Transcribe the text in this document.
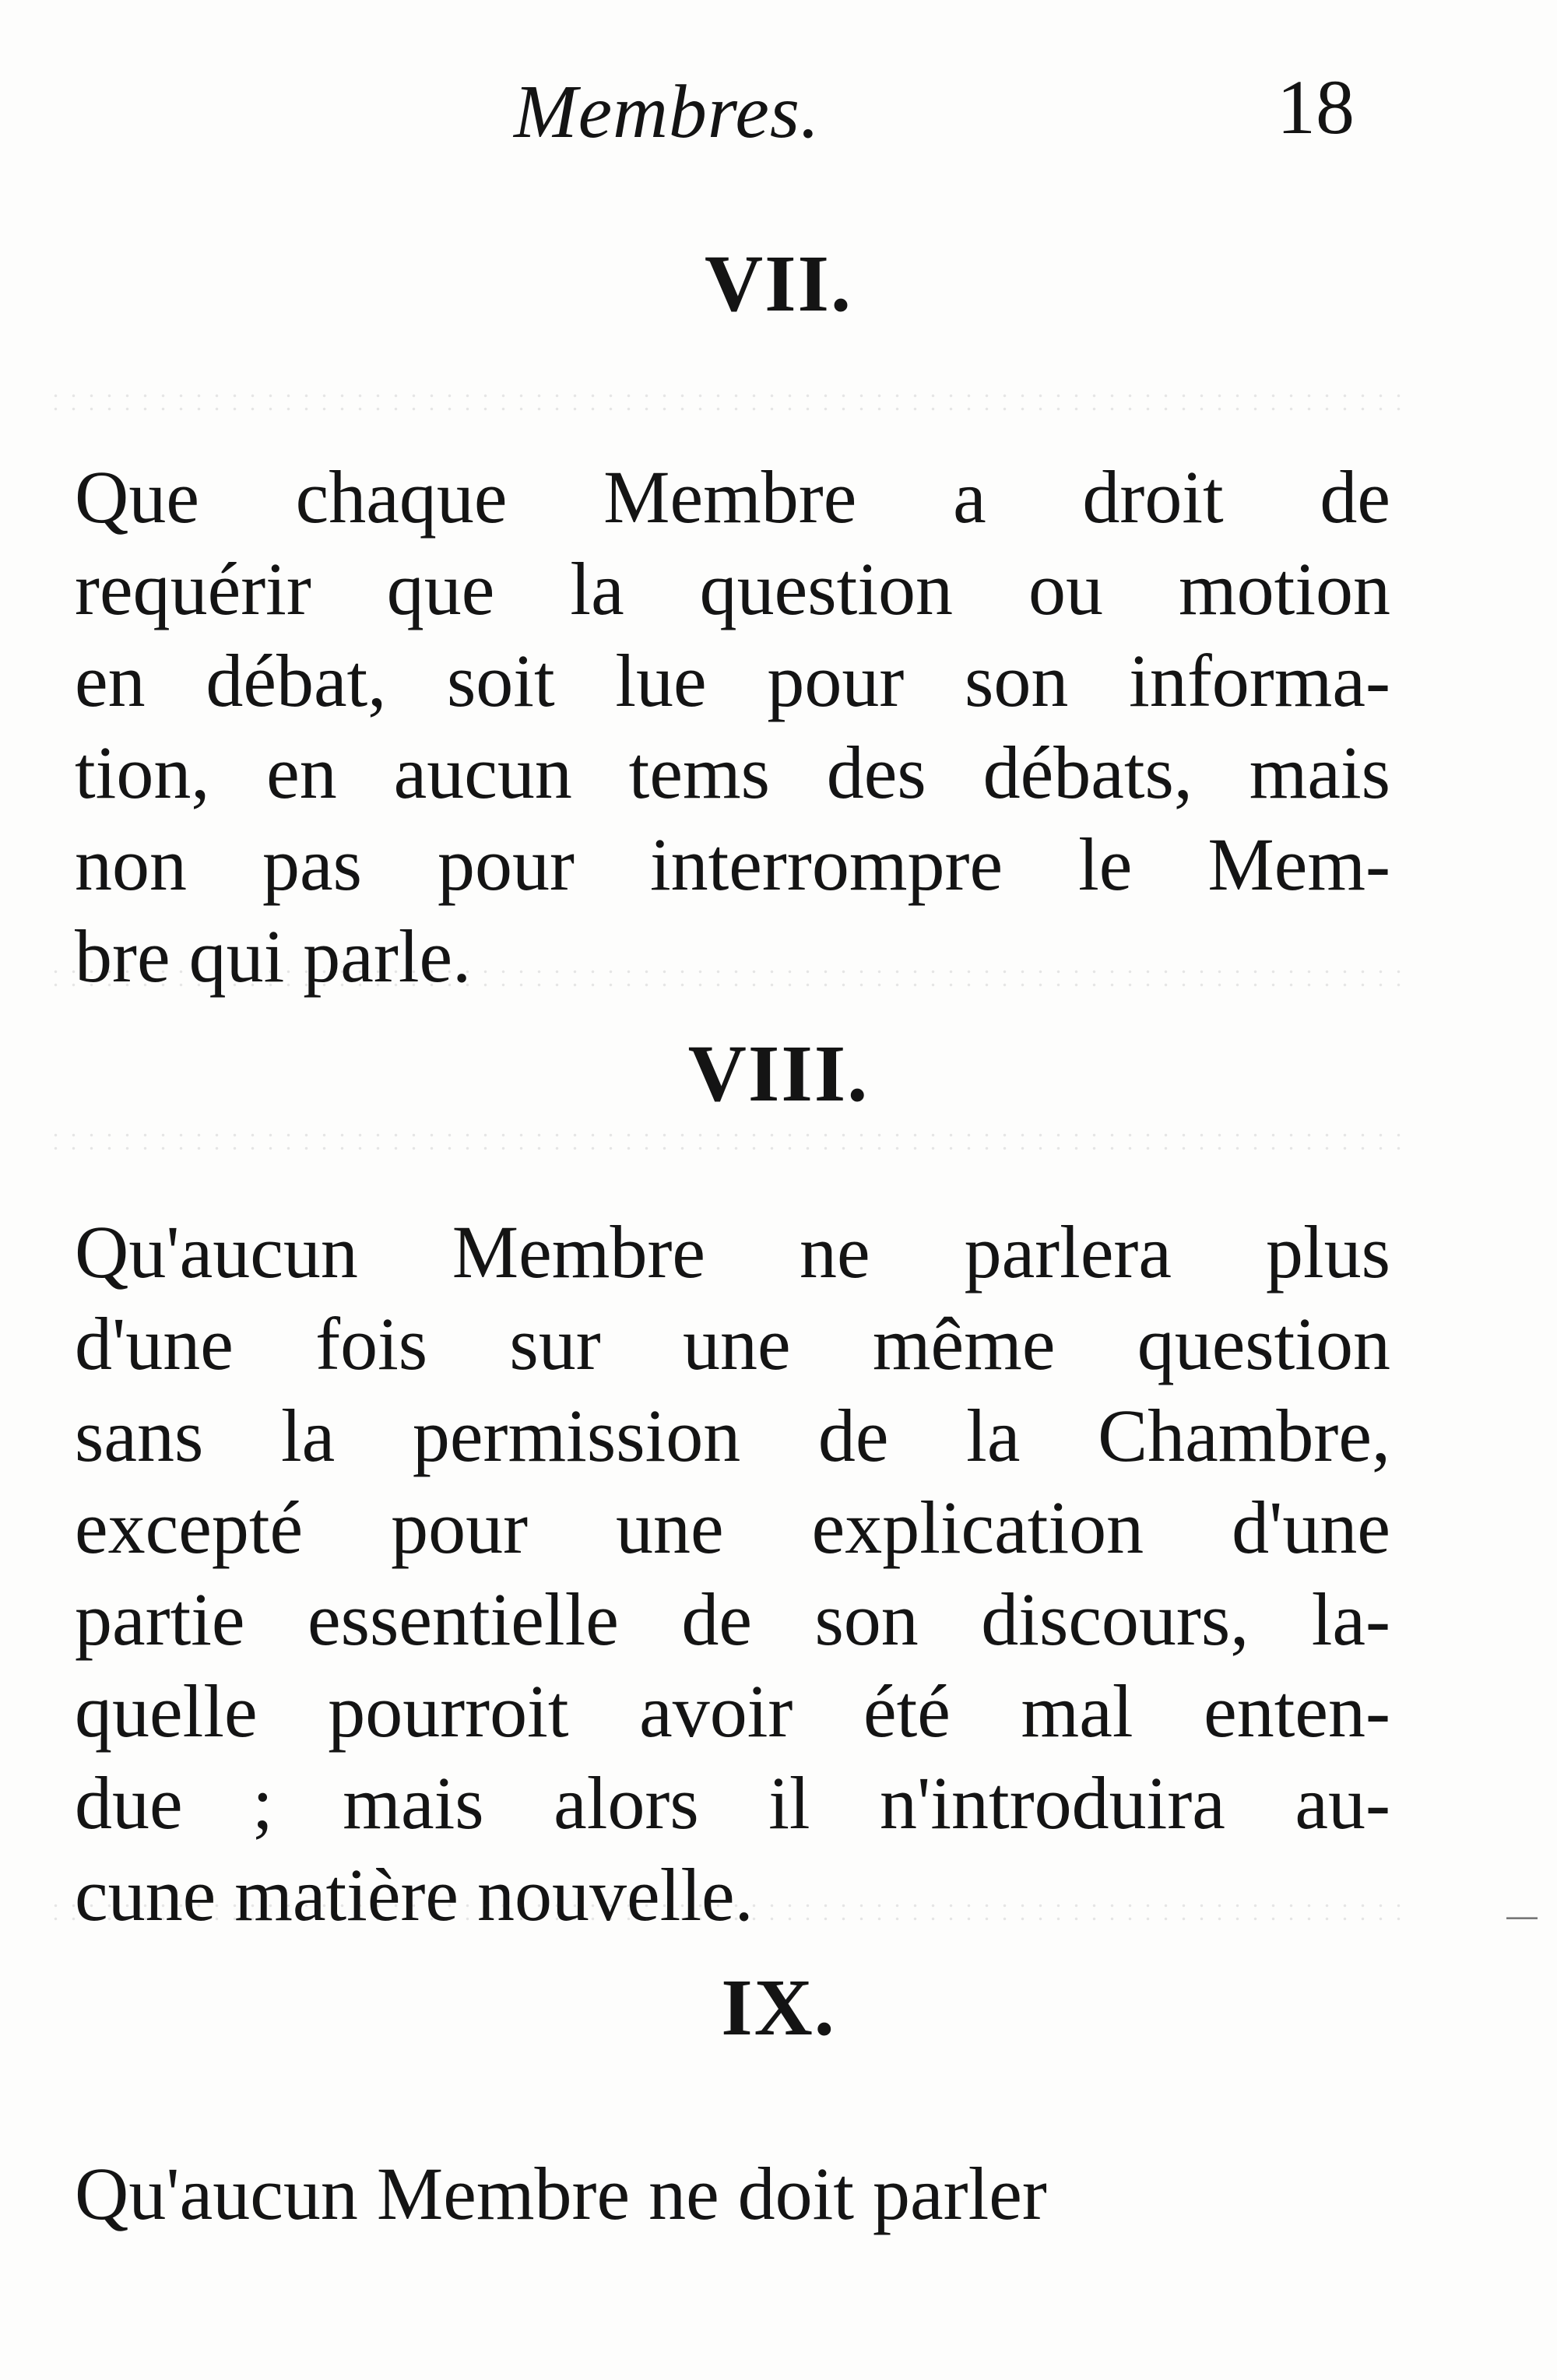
Membres.	18
VII.
Que chaque Membre a droit de
requérir que la question ou motion
en débat, soit lue pour son informa-
tion, en aucun tems des débats, mais
non pas pour interrompre le Mem-
bre qui parle.
VIII.
Qu'aucun Membre ne parlera plus
d'une fois sur une même question
sans la permission de la Chambre,
excepté pour une explication d'une
partie essentielle de son discours, la-
quelle pourroit avoir été mal enten-
due ; mais alors il n'introduira au-
cune matière nouvelle.
IX.
Qu'aucun Membre ne doit parler
—
